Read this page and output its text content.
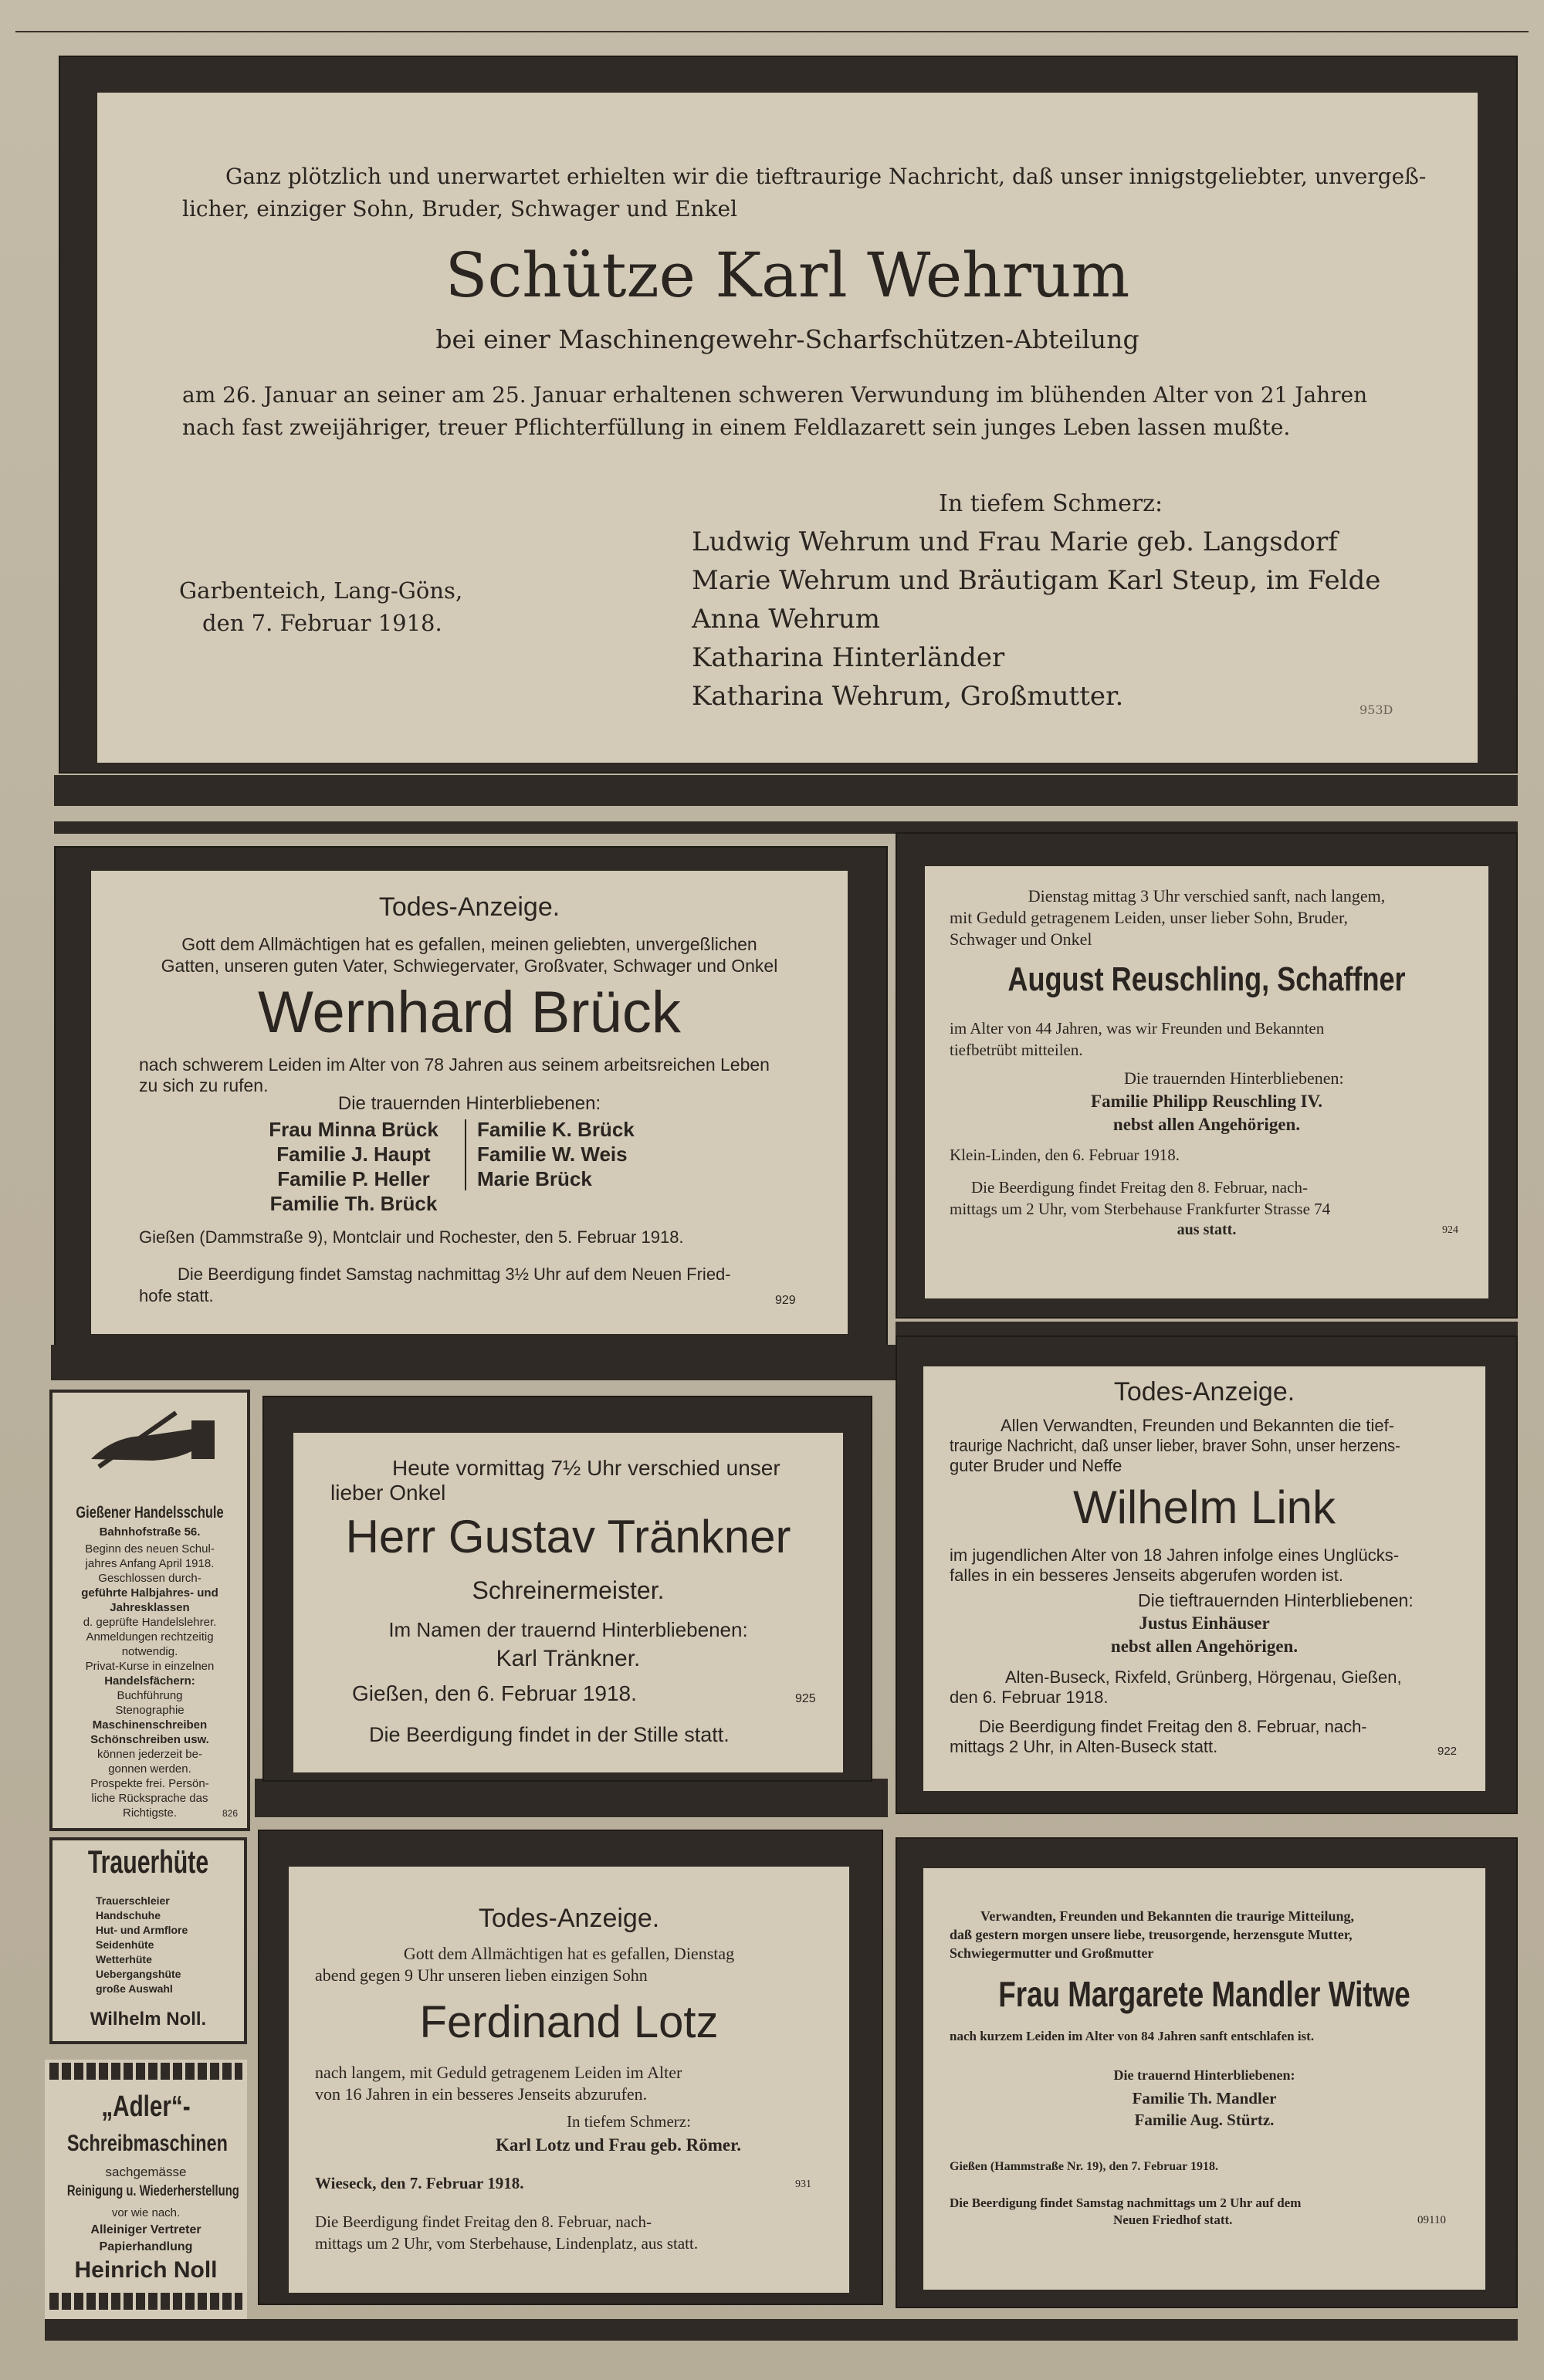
Ganz plötzlich und unerwartet erhielten wir die tieftraurige Nachricht, daß unser innigstgeliebter, unvergeß-
licher, einziger Sohn, Bruder, Schwager und Enkel
Schütze Karl Wehrum
bei einer Maschinengewehr-Scharfschützen-Abteilung
am 26. Januar an seiner am 25. Januar erhaltenen schweren Verwundung im blühenden Alter von 21 Jahren
nach fast zweijähriger, treuer Pflichterfüllung in einem Feldlazarett sein junges Leben lassen mußte.
In tiefem Schmerz:
Garbenteich, Lang-Göns,
den 7. Februar 1918.
Ludwig Wehrum und Frau Marie geb. Langsdorf
Marie Wehrum und Bräutigam Karl Steup, im Felde
Anna Wehrum
Katharina Hinterländer
Katharina Wehrum, Großmutter.	953D
Todes-Anzeige.
Gott dem Allmächtigen hat es gefallen, meinen geliebten, unvergeßlichen
Gatten, unseren guten Vater, Schwiegervater, Großvater, Schwager und Onkel
Wernhard Brück
nach schwerem Leiden im Alter von 78 Jahren aus seinem arbeitsreichen Leben
zu sich zu rufen.
Die trauernden Hinterbliebenen:
Frau Minna Brück
Familie J. Haupt
Familie P. Heller
Familie Th. Brück
Familie K. Brück
Familie W. Weis
Marie Brück
Gießen (Dammstraße 9), Montclair und Rochester, den 5. Februar 1918.
Die Beerdigung findet Samstag nachmittag 3½ Uhr auf dem Neuen Fried-
hofe statt.	929
Dienstag mittag 3 Uhr verschied sanft, nach langem,
mit Geduld getragenem Leiden, unser lieber Sohn, Bruder,
Schwager und Onkel
August Reuschling, Schaffner
im Alter von 44 Jahren, was wir Freunden und Bekannten
tiefbetrübt mitteilen.
Die trauernden Hinterbliebenen:
Familie Philipp Reuschling IV.
nebst allen Angehörigen.
Klein-Linden, den 6. Februar 1918.
Die Beerdigung findet Freitag den 8. Februar, nach-
mittags um 2 Uhr, vom Sterbehause Frankfurter Strasse 74
aus statt.	924
Gießener Handelsschule
Bahnhofstraße 56.
Beginn des neuen Schul-
jahres Anfang April 1918.
Geschlossen durch-
geführte Halbjahres- und
Jahresklassen
d. geprüfte Handelslehrer.
Anmeldungen rechtzeitig
notwendig.
Privat-Kurse in einzelnen
Handelsfächern:
Buchführung
Stenographie
Maschinenschreiben
Schönschreiben usw.
können jederzeit be-
gonnen werden.
Prospekte frei. Persön-
liche Rücksprache das
Richtigste.	826
Heute vormittag 7½ Uhr verschied unser
lieber Onkel
Herr Gustav Tränkner
Schreinermeister.
Im Namen der trauernd Hinterbliebenen:
Karl Tränkner.
Gießen, den 6. Februar 1918.	925
Die Beerdigung findet in der Stille statt.
Todes-Anzeige.
Allen Verwandten, Freunden und Bekannten die tief-
traurige Nachricht, daß unser lieber, braver Sohn, unser herzens-
guter Bruder und Neffe
Wilhelm Link
im jugendlichen Alter von 18 Jahren infolge eines Unglücks-
falles in ein besseres Jenseits abgerufen worden ist.
Die tieftrauernden Hinterbliebenen:
Justus Einhäuser
nebst allen Angehörigen.
Alten-Buseck, Rixfeld, Grünberg, Hörgenau, Gießen,
den 6. Februar 1918.
Die Beerdigung findet Freitag den 8. Februar, nach-
mittags 2 Uhr, in Alten-Buseck statt.	922
Trauerhüte
Trauerschleier
Handschuhe
Hut- und Armflore
Seidenhüte
Wetterhüte
Uebergangshüte
große Auswahl
Wilhelm Noll.
„Adler“-
Schreibmaschinen
sachgemässe
Reinigung u. Wiederherstellung
vor wie nach.
Alleiniger Vertreter
Papierhandlung
Heinrich Noll
Todes-Anzeige.
Gott dem Allmächtigen hat es gefallen, Dienstag
abend gegen 9 Uhr unseren lieben einzigen Sohn
Ferdinand Lotz
nach langem, mit Geduld getragenem Leiden im Alter
von 16 Jahren in ein besseres Jenseits abzurufen.
In tiefem Schmerz:
Karl Lotz und Frau geb. Römer.
Wieseck, den 7. Februar 1918.	931
Die Beerdigung findet Freitag den 8. Februar, nach-
mittags um 2 Uhr, vom Sterbehause, Lindenplatz, aus statt.
Verwandten, Freunden und Bekannten die traurige Mitteilung,
daß gestern morgen unsere liebe, treusorgende, herzensgute Mutter,
Schwiegermutter und Großmutter
Frau Margarete Mandler Witwe
nach kurzem Leiden im Alter von 84 Jahren sanft entschlafen ist.
Die trauernd Hinterbliebenen:
Familie Th. Mandler
Familie Aug. Stürtz.
Gießen (Hammstraße Nr. 19), den 7. Februar 1918.
Die Beerdigung findet Samstag nachmittags um 2 Uhr auf dem
Neuen Friedhof statt.	09110
